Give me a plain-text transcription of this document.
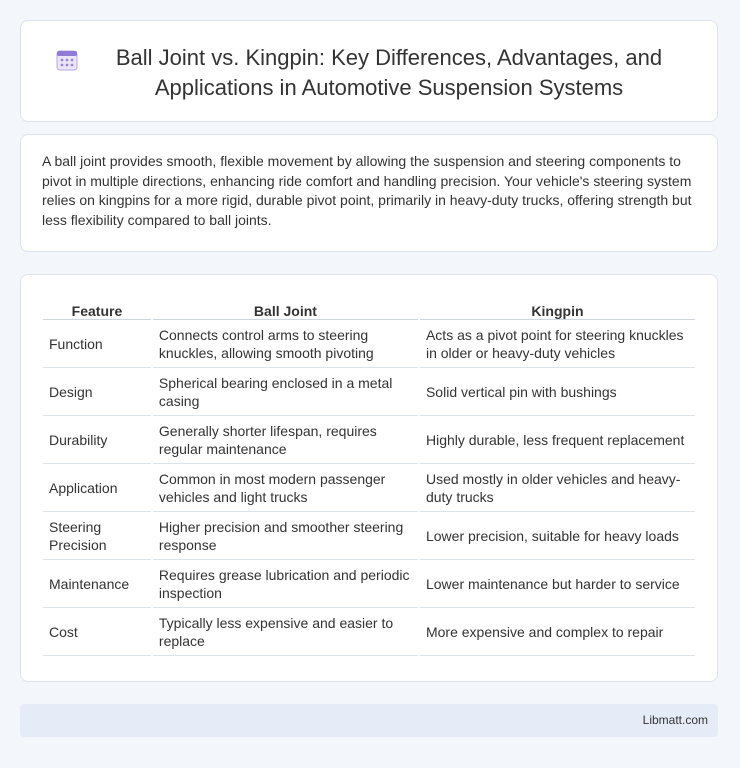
Ball Joint vs. Kingpin: Key Differences, Advantages, and Applications in Automotive Suspension Systems
A ball joint provides smooth, flexible movement by allowing the suspension and steering components to pivot in multiple directions, enhancing ride comfort and handling precision. Your vehicle's steering system relies on kingpins for a more rigid, durable pivot point, primarily in heavy-duty trucks, offering strength but less flexibility compared to ball joints.
Feature	Ball Joint	Kingpin
Function	Connects control arms to steering knuckles, allowing smooth pivoting	Acts as a pivot point for steering knuckles in older or heavy-duty vehicles
Design	Spherical bearing enclosed in a metal casing	Solid vertical pin with bushings
Durability	Generally shorter lifespan, requires regular maintenance	Highly durable, less frequent replacement
Application	Common in most modern passenger vehicles and light trucks	Used mostly in older vehicles and heavy-duty trucks
Steering Precision	Higher precision and smoother steering response	Lower precision, suitable for heavy loads
Maintenance	Requires grease lubrication and periodic inspection	Lower maintenance but harder to service
Cost	Typically less expensive and easier to replace	More expensive and complex to repair
Libmatt.com
